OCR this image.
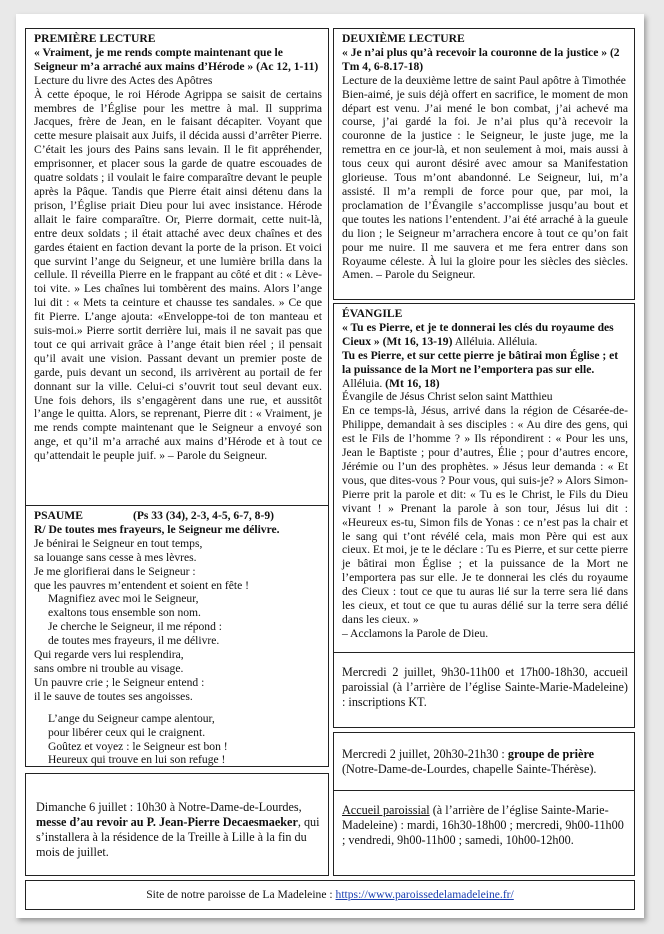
PREMIÈRE LECTURE
« Vraiment, je me rends compte maintenant que le Seigneur m’a arraché aux mains d’Hérode » (Ac 12, 1-11)
Lecture du livre des Actes des Apôtres
À cette époque, le roi Hérode Agrippa se saisit de certains membres de l’Église pour les mettre à mal. Il supprima Jacques, frère de Jean, en le faisant décapiter. Voyant que cette mesure plaisait aux Juifs, il décida aussi d’arrêter Pierre. C’était les jours des Pains sans levain. Il le fit appréhender, emprisonner, et placer sous la garde de quatre escouades de quatre soldats ; il voulait le faire comparaître devant le peuple après la Pâque. Tandis que Pierre était ainsi détenu dans la prison, l’Église priait Dieu pour lui avec insistance. Hérode allait le faire comparaître. Or, Pierre dormait, cette nuit-là, entre deux soldats ; il était attaché avec deux chaînes et des gardes étaient en faction devant la porte de la prison. Et voici que survint l’ange du Seigneur, et une lumière brilla dans la cellule. Il réveilla Pierre en le frappant au côté et dit : « Lève-toi vite. » Les chaînes lui tombèrent des mains. Alors l’ange lui dit : « Mets ta ceinture et chausse tes sandales. » Ce que fit Pierre. L’ange ajouta: «Enveloppe-toi de ton manteau et suis-moi.» Pierre sortit derrière lui, mais il ne savait pas que tout ce qui arrivait grâce à l’ange était bien réel ; il pensait qu’il avait une vision. Passant devant un premier poste de garde, puis devant un second, ils arrivèrent au portail de fer donnant sur la ville. Celui-ci s’ouvrit tout seul devant eux. Une fois dehors, ils s’engagèrent dans une rue, et aussitôt l’ange le quitta. Alors, se reprenant, Pierre dit : « Vraiment, je me rends compte maintenant que le Seigneur a envoyé son ange, et qu’il m’a arraché aux mains d’Hérode et à tout ce qu’attendait le peuple juif. » – Parole du Seigneur.

PSAUME	(Ps 33 (34), 2-3, 4-5, 6-7, 8-9)

R/ De toutes mes frayeurs, le Seigneur me délivre.

Je bénirai le Seigneur en tout temps,

sa louange sans cesse à mes lèvres.

Je me glorifierai dans le Seigneur :

que les pauvres m’entendent et soient en fête !

Magnifiez avec moi le Seigneur,

exaltons tous ensemble son nom.

Je cherche le Seigneur, il me répond :

de toutes mes frayeurs, il me délivre.

Qui regarde vers lui resplendira,

sans ombre ni trouble au visage.

Un pauvre crie ; le Seigneur entend :

il le sauve de toutes ses angoisses.

L’ange du Seigneur campe alentour,

pour libérer ceux qui le craignent.

Goûtez et voyez : le Seigneur est bon !

Heureux qui trouve en lui son refuge !

Dimanche 6 juillet : 10h30 à Notre-Dame-de-Lourdes, messe d’au revoir au P. Jean-Pierre Decaesmaeker, qui s’installera à la résidence de la Treille à Lille à la fin du mois de juillet.
DEUXIÈME LECTURE
« Je n’ai plus qu’à recevoir la couronne de la justice » (2 Tm 4, 6-8.17-18)
Lecture de la deuxième lettre de saint Paul apôtre à Timothée
Bien-aimé, je suis déjà offert en sacrifice, le moment de mon départ est venu. J’ai mené le bon combat, j’ai achevé ma course, j’ai gardé la foi. Je n’ai plus qu’à recevoir la couronne de la justice : le Seigneur, le juste juge, me la remettra en ce jour-là, et non seulement à moi, mais aussi à tous ceux qui auront désiré avec amour sa Manifestation glorieuse. Tous m’ont abandonné. Le Seigneur, lui, m’a assisté. Il m’a rempli de force pour que, par moi, la proclamation de l’Évangile s’accomplisse jusqu’au bout et que toutes les nations l’entendent. J’ai été arraché à la gueule du lion ; le Seigneur m’arrachera encore à tout ce qu’on fait pour me nuire. Il me sauvera et me fera entrer dans son Royaume céleste. À lui la gloire pour les siècles des siècles. Amen. – Parole du Seigneur.
ÉVANGILE
« Tu es Pierre, et je te donnerai les clés du royaume des Cieux » (Mt 16, 13-19) Alléluia. Alléluia.
Tu es Pierre, et sur cette pierre je bâtirai mon Église ; et la puissance de la Mort ne l’emportera pas sur elle.
Alléluia. (Mt 16, 18)
Évangile de Jésus Christ selon saint Matthieu
En ce temps-là, Jésus, arrivé dans la région de Césarée-de-Philippe, demandait à ses disciples : « Au dire des gens, qui est le Fils de l’homme ? » Ils répondirent : « Pour les uns, Jean le Baptiste ; pour d’autres, Élie ; pour d’autres encore, Jérémie ou l’un des prophètes. » Jésus leur demanda : « Et vous, que dites-vous ? Pour vous, qui suis-je? » Alors Simon-Pierre prit la parole et dit: « Tu es le Christ, le Fils du Dieu vivant ! » Prenant la parole à son tour, Jésus lui dit : «Heureux es-tu, Simon fils de Yonas : ce n’est pas la chair et le sang qui t’ont révélé cela, mais mon Père qui est aux cieux. Et moi, je te le déclare : Tu es Pierre, et sur cette pierre je bâtirai mon Église ; et la puissance de la Mort ne l’emportera pas sur elle. Je te donnerai les clés du royaume des Cieux : tout ce que tu auras lié sur la terre sera lié dans les cieux, et tout ce que tu auras délié sur la terre sera délié dans les cieux. »
– Acclamons la Parole de Dieu.
Mercredi 2 juillet, 9h30-11h00 et 17h00-18h30, accueil paroissial (à l’arrière de l’église Sainte-Marie-Madeleine) : inscriptions KT.
Mercredi 2 juillet, 20h30-21h30 : groupe de prière (Notre-Dame-de-Lourdes, chapelle Sainte-Thérèse).
Accueil paroissial (à l’arrière de l’église Sainte-Marie-Madeleine) : mardi, 16h30-18h00 ; mercredi, 9h00-11h00 ; vendredi, 9h00-11h00 ; samedi, 10h00-12h00.
Site de notre paroisse de La Madeleine : https://www.paroissedelamadeleine.fr/
